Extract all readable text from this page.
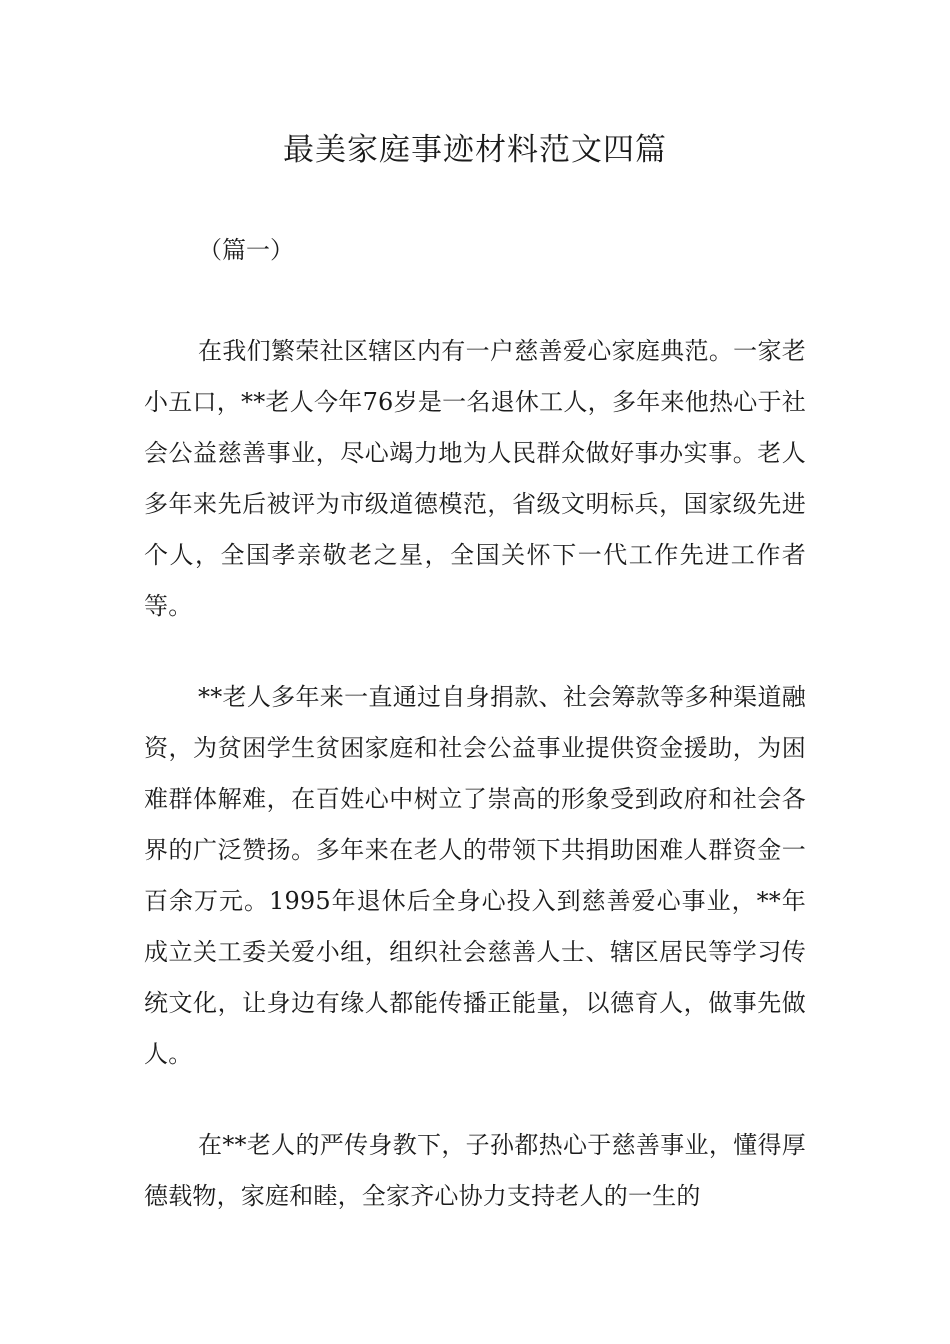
最美家庭事迹材料范文四篇

（篇一）

在我们繁荣社区辖区内有一户慈善爱心家庭典范。一家老小五口，**老人今年76岁是一名退休工人，多年来他热心于社会公益慈善事业，尽心竭力地为人民群众做好事办实事。老人多年来先后被评为市级道德模范，省级文明标兵，国家级先进个人，全国孝亲敬老之星，全国关怀下一代工作先进工作者等。

**老人多年来一直通过自身捐款、社会筹款等多种渠道融资，为贫困学生贫困家庭和社会公益事业提供资金援助，为困难群体解难，在百姓心中树立了崇高的形象受到政府和社会各界的广泛赞扬。多年来在老人的带领下共捐助困难人群资金一百余万元。1995年退休后全身心投入到慈善爱心事业，**年成立关工委关爱小组，组织社会慈善人士、辖区居民等学习传统文化，让身边有缘人都能传播正能量，以德育人，做事先做人。

在**老人的严传身教下，子孙都热心于慈善事业，懂得厚德载物，家庭和睦，全家齐心协力支持老人的一生的
